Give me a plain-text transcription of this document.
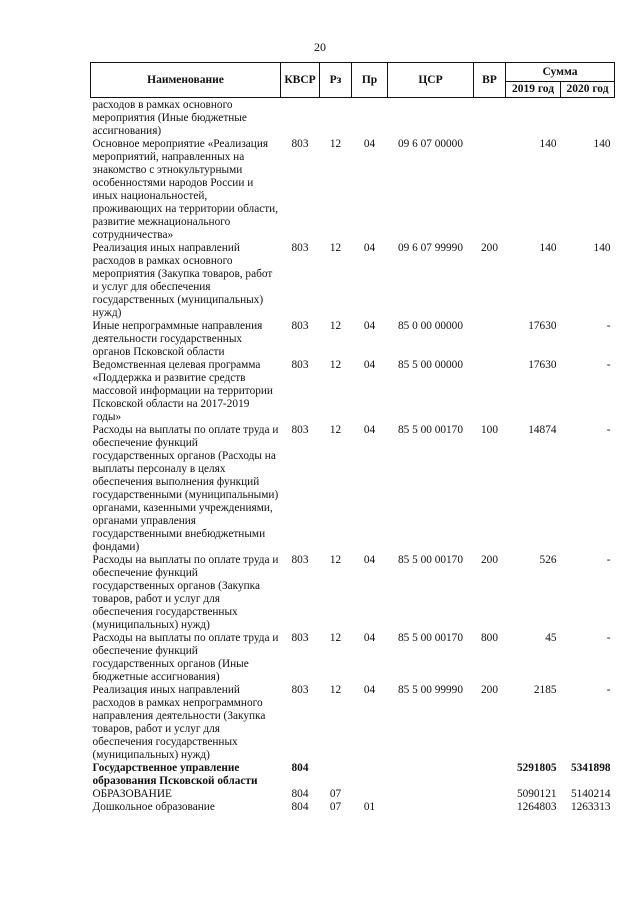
20
Наименование	КВСР	Рз	Пр	ЦСР	ВР	Сумма	
						2019 год	2020 год
расходов в рамках основного мероприятия (Иные бюджетные ассигнования)							
Основное мероприятие «Реализация мероприятий, направленных на знакомство с этнокультурными особенностями народов России и иных национальностей, проживающих на территории области, развитие межнационального сотрудничества»	803	12	04	09 6 07 00000		140	140
Реализация иных направлений расходов в рамках основного мероприятия (Закупка товаров, работ и услуг для обеспечения государственных (муниципальных) нужд)	803	12	04	09 6 07 99990	200	140	140
Иные непрограммные направления деятельности государственных органов Псковской области	803	12	04	85 0 00 00000		17630	-
Ведомственная целевая программа «Поддержка и развитие средств массовой информации на территории Псковской области на 2017-2019 годы»	803	12	04	85 5 00 00000		17630	-
Расходы на выплаты по оплате труда и обеспечение функций государственных органов (Расходы на выплаты персоналу в целях обеспечения выполнения функций государственными (муниципальными) органами, казенными учреждениями, органами управления государственными внебюджетными фондами)	803	12	04	85 5 00 00170	100	14874	-
Расходы на выплаты по оплате труда и обеспечение функций государственных органов (Закупка товаров, работ и услуг для обеспечения государственных (муниципальных) нужд)	803	12	04	85 5 00 00170	200	526	-
Расходы на выплаты по оплате труда и обеспечение функций государственных органов (Иные бюджетные ассигнования)	803	12	04	85 5 00 00170	800	45	-
Реализация иных направлений расходов в рамках непрограммного направления деятельности (Закупка товаров, работ и услуг для обеспечения государственных (муниципальных) нужд)	803	12	04	85 5 00 99990	200	2185	-
Государственное управление образования Псковской области	804					5291805	5341898
ОБРАЗОВАНИЕ	804	07				5090121	5140214
Дошкольное образование	804	07	01			1264803	1263313
